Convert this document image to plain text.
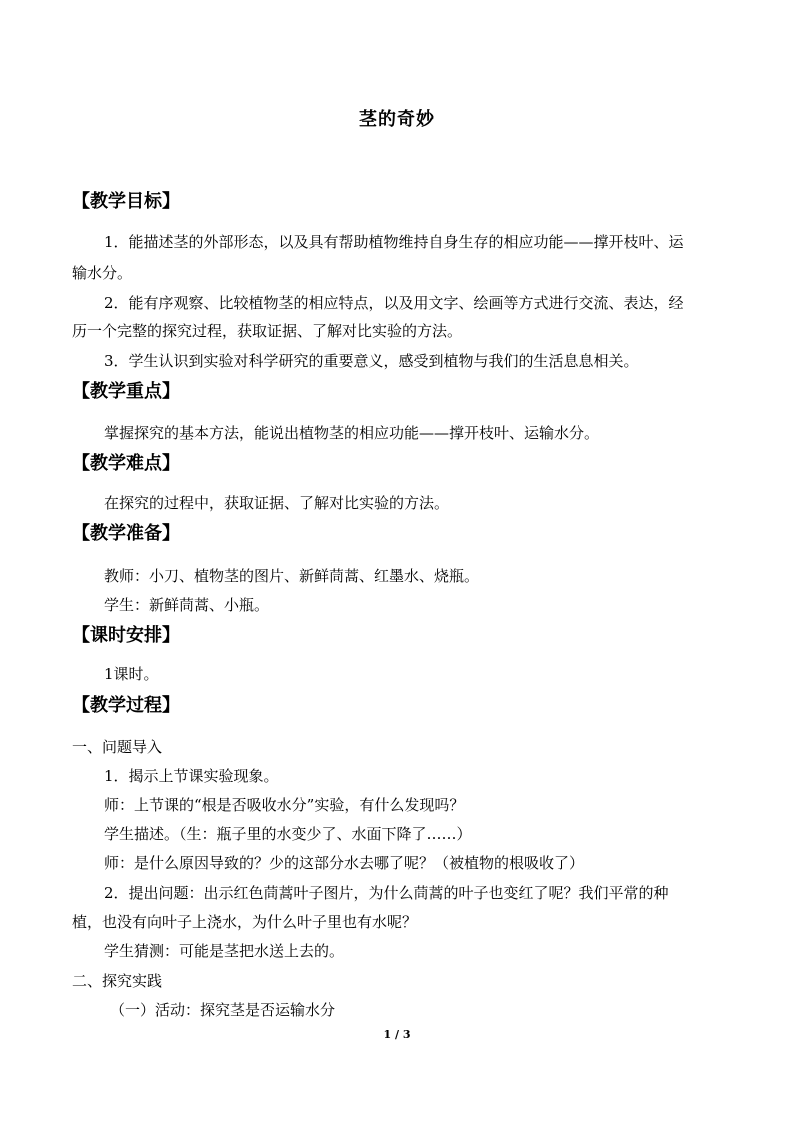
茎的奇妙
【教学目标】
1．能描述茎的外部形态，以及具有帮助植物维持自身生存的相应功能——撑开枝叶、运
输水分。
2．能有序观察、比较植物茎的相应特点，以及用文字、绘画等方式进行交流、表达，经
历一个完整的探究过程，获取证据、了解对比实验的方法。
3．学生认识到实验对科学研究的重要意义，感受到植物与我们的生活息息相关。
【教学重点】
掌握探究的基本方法，能说出植物茎的相应功能——撑开枝叶、运输水分。
【教学难点】
在探究的过程中，获取证据、了解对比实验的方法。
【教学准备】
教师：小刀、植物茎的图片、新鲜茼蒿、红墨水、烧瓶。
学生：新鲜茼蒿、小瓶。
【课时安排】
1课时。
【教学过程】
一、问题导入
1．揭示上节课实验现象。
师：上节课的“根是否吸收水分”实验，有什么发现吗？
学生描述。（生：瓶子里的水变少了、水面下降了……）
师：是什么原因导致的？少的这部分水去哪了呢？（被植物的根吸收了）
2．提出问题：出示红色茼蒿叶子图片，为什么茼蒿的叶子也变红了呢？我们平常的种
植，也没有向叶子上浇水，为什么叶子里也有水呢？
学生猜测：可能是茎把水送上去的。
二、探究实践
（一）活动：探究茎是否运输水分
1 / 3
